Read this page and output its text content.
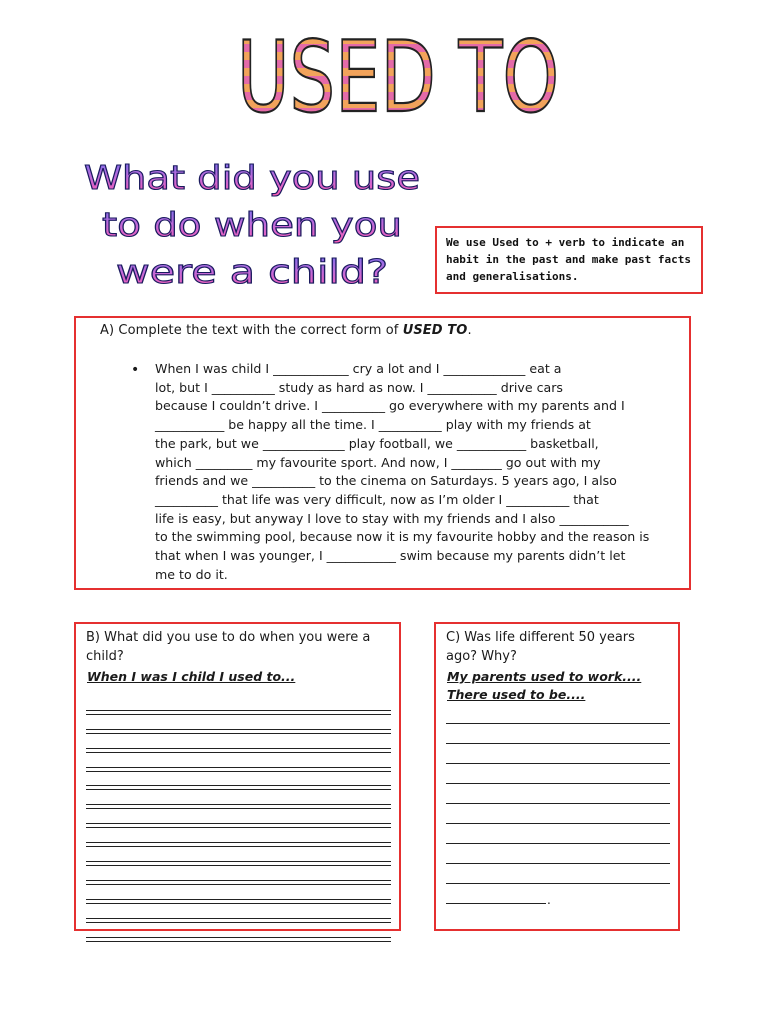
USED TO
What did you use
to do when you
were a child?
We use Used to + verb to indicate an habit in the past and make past facts and generalisations.
A) Complete the text with the correct form of USED TO.
• When I was child I ____________ cry a lot and I _____________ eat a
lot, but I __________ study as hard as now. I ___________ drive cars
because I couldn’t drive. I __________ go everywhere with my parents and I
___________ be happy all the time. I __________ play with my friends at
the park, but we _____________ play football, we ___________ basketball,
which _________ my favourite sport. And now, I ________ go out with my
friends and we __________ to the cinema on Saturdays. 5 years ago, I also
__________ that life was very difficult, now as I’m older I __________ that
life is easy, but anyway I love to stay with my friends and I also ___________
to the swimming pool, because now it is my favourite hobby and the reason is
that when I was younger, I ___________ swim because my parents didn’t let
me to do it.
B) What did you use to do when you were a
child?
When I was I child I used to...
C) Was life different 50 years
ago? Why?
My parents used to work....
There used to be....
.
